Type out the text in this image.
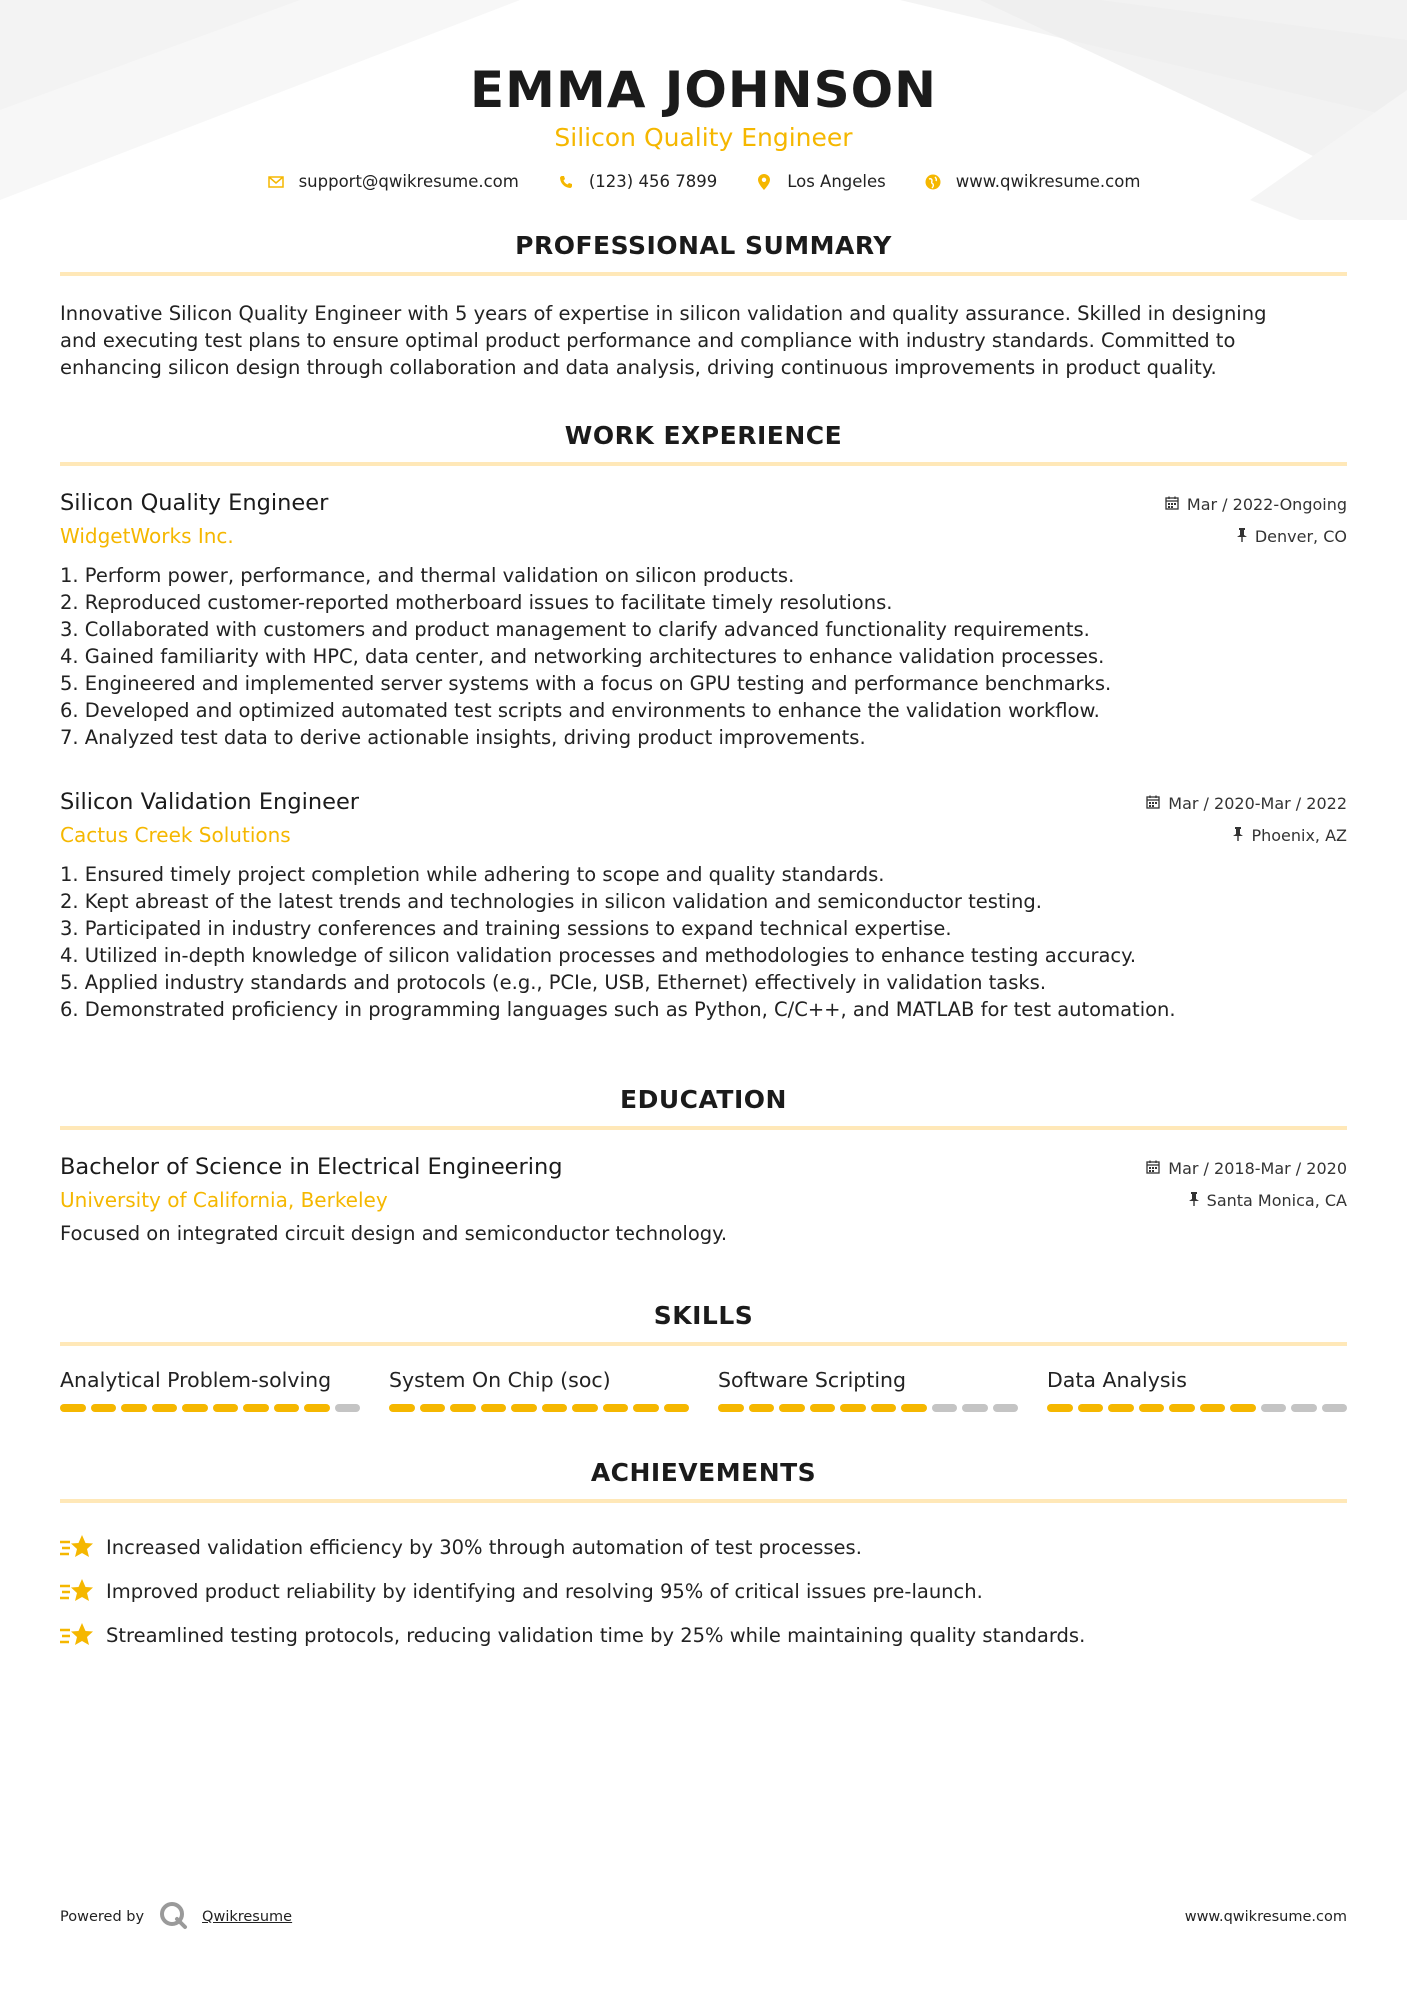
EMMA JOHNSON
Silicon Quality Engineer
support@qwikresume.com	(123) 456 7899	Los Angeles	www.qwikresume.com
PROFESSIONAL SUMMARY
Innovative Silicon Quality Engineer with 5 years of expertise in silicon validation and quality assurance. Skilled in designing
and executing test plans to ensure optimal product performance and compliance with industry standards. Committed to
enhancing silicon design through collaboration and data analysis, driving continuous improvements in product quality.
WORK EXPERIENCE
Silicon Quality Engineer	Mar / 2022-Ongoing
WidgetWorks Inc.	Denver, CO
1. Perform power, performance, and thermal validation on silicon products.
2. Reproduced customer-reported motherboard issues to facilitate timely resolutions.
3. Collaborated with customers and product management to clarify advanced functionality requirements.
4. Gained familiarity with HPC, data center, and networking architectures to enhance validation processes.
5. Engineered and implemented server systems with a focus on GPU testing and performance benchmarks.
6. Developed and optimized automated test scripts and environments to enhance the validation workflow.
7. Analyzed test data to derive actionable insights, driving product improvements.
Silicon Validation Engineer	Mar / 2020-Mar / 2022
Cactus Creek Solutions	Phoenix, AZ
1. Ensured timely project completion while adhering to scope and quality standards.
2. Kept abreast of the latest trends and technologies in silicon validation and semiconductor testing.
3. Participated in industry conferences and training sessions to expand technical expertise.
4. Utilized in-depth knowledge of silicon validation processes and methodologies to enhance testing accuracy.
5. Applied industry standards and protocols (e.g., PCIe, USB, Ethernet) effectively in validation tasks.
6. Demonstrated proficiency in programming languages such as Python, C/C++, and MATLAB for test automation.
EDUCATION
Bachelor of Science in Electrical Engineering	Mar / 2018-Mar / 2020
University of California, Berkeley	Santa Monica, CA
Focused on integrated circuit design and semiconductor technology.
SKILLS
Analytical Problem-solving	System On Chip (soc)	Software Scripting	Data Analysis
ACHIEVEMENTS
Increased validation efficiency by 30% through automation of test processes.
Improved product reliability by identifying and resolving 95% of critical issues pre-launch.
Streamlined testing protocols, reducing validation time by 25% while maintaining quality standards.
Powered by	Qwikresume	www.qwikresume.com
